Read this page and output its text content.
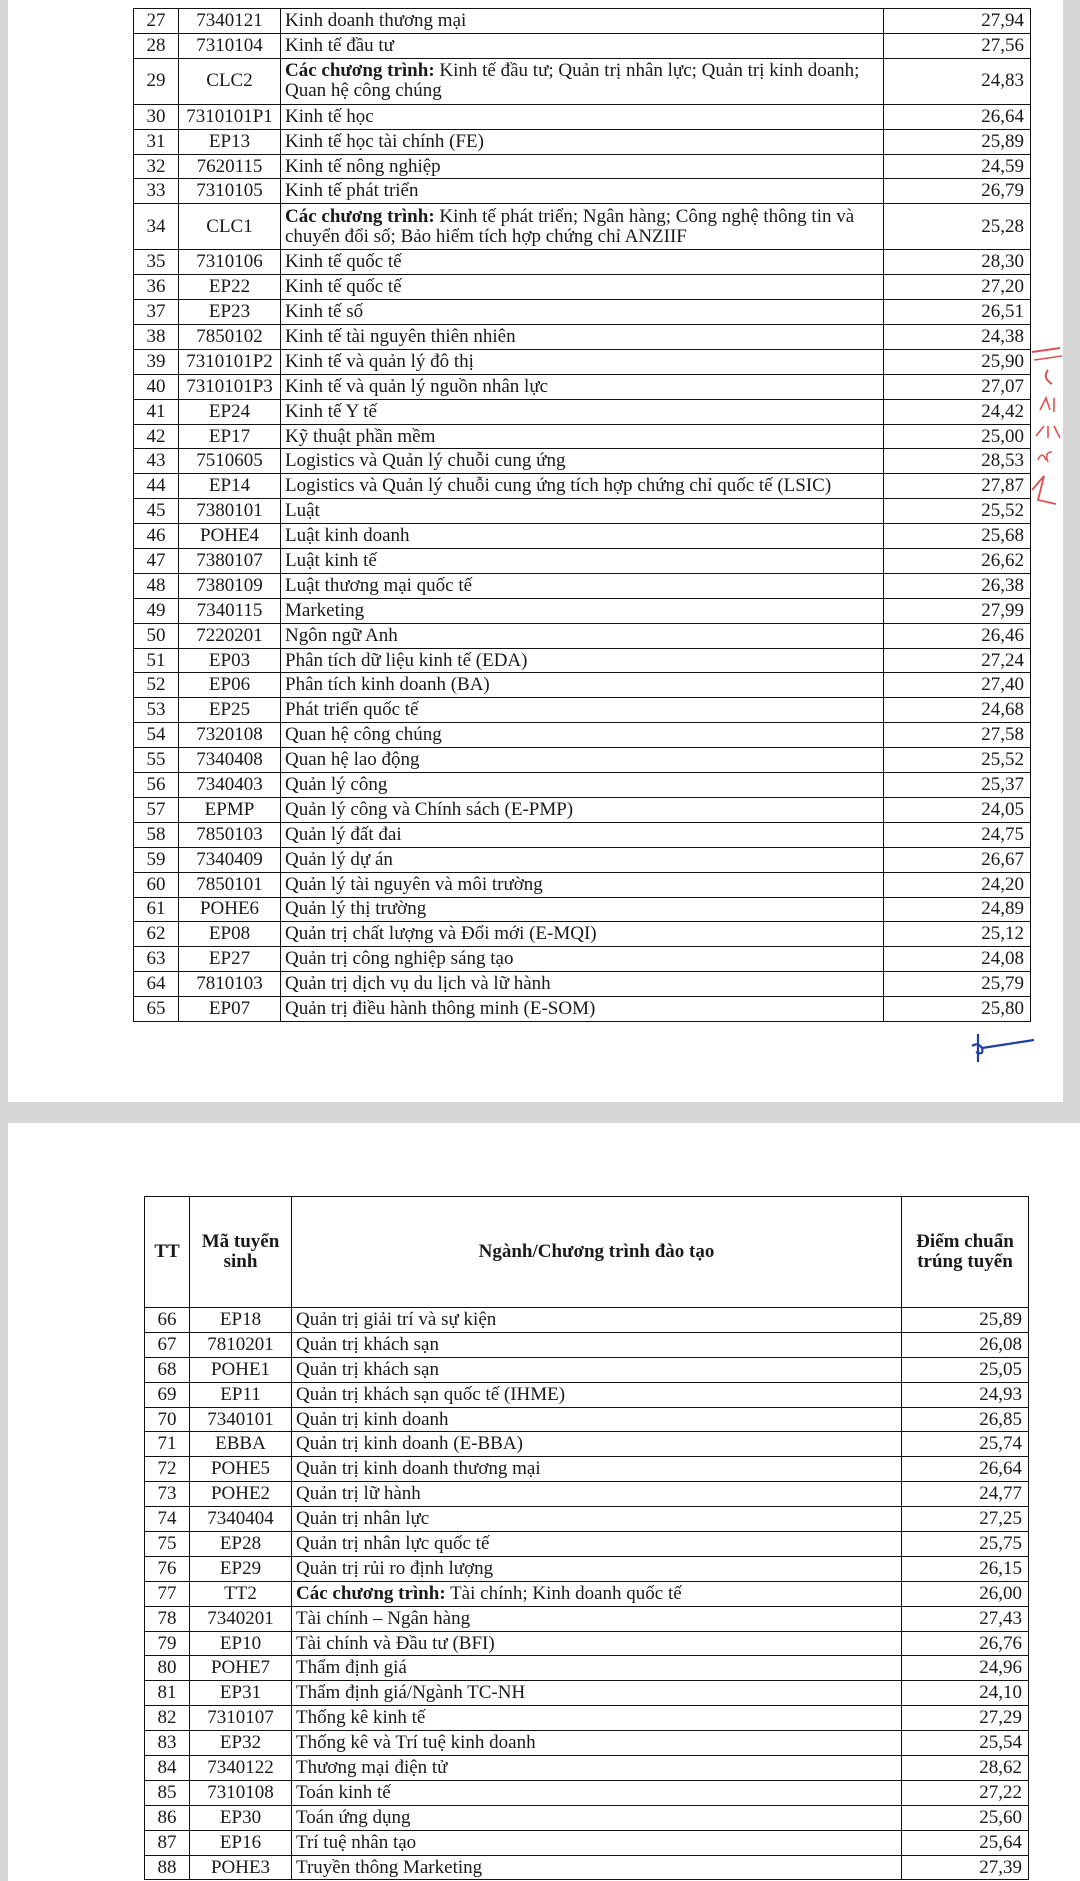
27	7340121	Kinh doanh thương mại	27,94
28	7310104	Kinh tế đầu tư	27,56
29	CLC2	Các chương trình: Kinh tế đầu tư; Quản trị nhân lực; Quản trị kinh doanh; Quan hệ công chúng	24,83
30	7310101P1	Kinh tế học	26,64
31	EP13	Kinh tế học tài chính (FE)	25,89
32	7620115	Kinh tế nông nghiệp	24,59
33	7310105	Kinh tế phát triển	26,79
34	CLC1	Các chương trình: Kinh tế phát triển; Ngân hàng; Công nghệ thông tin và chuyển đổi số; Bảo hiểm tích hợp chứng chỉ ANZIIF	25,28
35	7310106	Kinh tế quốc tế	28,30
36	EP22	Kinh tế quốc tế	27,20
37	EP23	Kinh tế số	26,51
38	7850102	Kinh tế tài nguyên thiên nhiên	24,38
39	7310101P2	Kinh tế và quản lý đô thị	25,90
40	7310101P3	Kinh tế và quản lý nguồn nhân lực	27,07
41	EP24	Kinh tế Y tế	24,42
42	EP17	Kỹ thuật phần mềm	25,00
43	7510605	Logistics và Quản lý chuỗi cung ứng	28,53
44	EP14	Logistics và Quản lý chuỗi cung ứng tích hợp chứng chỉ quốc tế (LSIC)	27,87
45	7380101	Luật	25,52
46	POHE4	Luật kinh doanh	25,68
47	7380107	Luật kinh tế	26,62
48	7380109	Luật thương mại quốc tế	26,38
49	7340115	Marketing	27,99
50	7220201	Ngôn ngữ Anh	26,46
51	EP03	Phân tích dữ liệu kinh tế (EDA)	27,24
52	EP06	Phân tích kinh doanh (BA)	27,40
53	EP25	Phát triển quốc tế	24,68
54	7320108	Quan hệ công chúng	27,58
55	7340408	Quan hệ lao động	25,52
56	7340403	Quản lý công	25,37
57	EPMP	Quản lý công và Chính sách (E-PMP)	24,05
58	7850103	Quản lý đất đai	24,75
59	7340409	Quản lý dự án	26,67
60	7850101	Quản lý tài nguyên và môi trường	24,20
61	POHE6	Quản lý thị trường	24,89
62	EP08	Quản trị chất lượng và Đổi mới (E-MQI)	25,12
63	EP27	Quản trị công nghiệp sáng tạo	24,08
64	7810103	Quản trị dịch vụ du lịch và lữ hành	25,79
65	EP07	Quản trị điều hành thông minh (E-SOM)	25,80
TT	Mã tuyển sinh	Ngành/Chương trình đào tạo	Điểm chuẩn trúng tuyển
66	EP18	Quản trị giải trí và sự kiện	25,89
67	7810201	Quản trị khách sạn	26,08
68	POHE1	Quản trị khách sạn	25,05
69	EP11	Quản trị khách sạn quốc tế (IHME)	24,93
70	7340101	Quản trị kinh doanh	26,85
71	EBBA	Quản trị kinh doanh (E-BBA)	25,74
72	POHE5	Quản trị kinh doanh thương mại	26,64
73	POHE2	Quản trị lữ hành	24,77
74	7340404	Quản trị nhân lực	27,25
75	EP28	Quản trị nhân lực quốc tế	25,75
76	EP29	Quản trị rủi ro định lượng	26,15
77	TT2	Các chương trình: Tài chính; Kinh doanh quốc tế	26,00
78	7340201	Tài chính – Ngân hàng	27,43
79	EP10	Tài chính và Đầu tư (BFI)	26,76
80	POHE7	Thẩm định giá	24,96
81	EP31	Thẩm định giá/Ngành TC-NH	24,10
82	7310107	Thống kê kinh tế	27,29
83	EP32	Thống kê và Trí tuệ kinh doanh	25,54
84	7340122	Thương mại điện tử	28,62
85	7310108	Toán kinh tế	27,22
86	EP30	Toán ứng dụng	25,60
87	EP16	Trí tuệ nhân tạo	25,64
88	POHE3	Truyền thông Marketing	27,39
